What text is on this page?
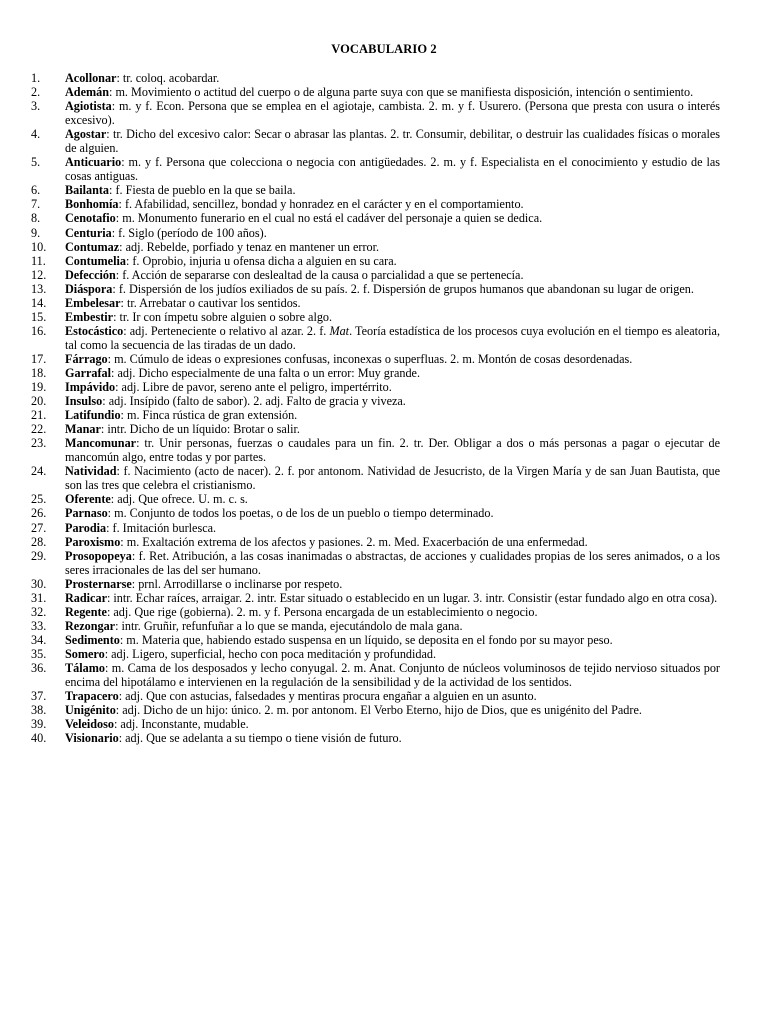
VOCABULARIO 2
1.	Acollonar: tr. coloq. acobardar.
2.	Ademán: m. Movimiento o actitud del cuerpo o de alguna parte suya con que se manifiesta disposición, intención o sentimiento.
3.	Agiotista: m. y f. Econ. Persona que se emplea en el agiotaje, cambista. 2. m. y f. Usurero. (Persona que presta con usura o interés excesivo).
4.	Agostar: tr. Dicho del excesivo calor: Secar o abrasar las plantas. 2. tr. Consumir, debilitar, o destruir las cualidades físicas o morales de alguien.
5.	Anticuario: m. y f. Persona que colecciona o negocia con antigüedades. 2. m. y f. Especialista en el conocimiento y estudio de las cosas antiguas.
6.	Bailanta: f. Fiesta de pueblo en la que se baila.
7.	Bonhomía: f. Afabilidad, sencillez, bondad y honradez en el carácter y en el comportamiento.
8.	Cenotafio: m. Monumento funerario en el cual no está el cadáver del personaje a quien se dedica.
9.	Centuria: f. Siglo (período de 100 años).
10.	Contumaz: adj. Rebelde, porfiado y tenaz en mantener un error.
11.	Contumelia: f. Oprobio, injuria u ofensa dicha a alguien en su cara.
12.	Defección: f. Acción de separarse con deslealtad de la causa o parcialidad a que se pertenecía.
13.	Diáspora: f. Dispersión de los judíos exiliados de su país. 2. f. Dispersión de grupos humanos que abandonan su lugar de origen.
14.	Embelesar: tr. Arrebatar o cautivar los sentidos.
15.	Embestir: tr. Ir con ímpetu sobre alguien o sobre algo.
16.	Estocástico: adj. Perteneciente o relativo al azar. 2. f. Mat. Teoría estadística de los procesos cuya evolución en el tiempo es aleatoria, tal como la secuencia de las tiradas de un dado.
17.	Fárrago: m. Cúmulo de ideas o expresiones confusas, inconexas o superfluas. 2. m. Montón de cosas desordenadas.
18.	Garrafal: adj. Dicho especialmente de una falta o un error: Muy grande.
19.	Impávido: adj. Libre de pavor, sereno ante el peligro, impertérrito.
20.	Insulso: adj. Insípido (falto de sabor). 2. adj. Falto de gracia y viveza.
21.	Latifundio: m. Finca rústica de gran extensión.
22.	Manar: intr. Dicho de un líquido: Brotar o salir.
23.	Mancomunar: tr. Unir personas, fuerzas o caudales para un fin. 2. tr. Der. Obligar a dos o más personas a pagar o ejecutar de mancomún algo, entre todas y por partes.
24.	Natividad: f. Nacimiento (acto de nacer). 2. f. por antonom. Natividad de Jesucristo, de la Virgen María y de san Juan Bautista, que son las tres que celebra el cristianismo.
25.	Oferente: adj. Que ofrece. U. m. c. s.
26.	Parnaso: m. Conjunto de todos los poetas, o de los de un pueblo o tiempo determinado.
27.	Parodia: f. Imitación burlesca.
28.	Paroxismo: m. Exaltación extrema de los afectos y pasiones. 2. m. Med. Exacerbación de una enfermedad.
29.	Prosopopeya: f. Ret. Atribución, a las cosas inanimadas o abstractas, de acciones y cualidades propias de los seres animados, o a los seres irracionales de las del ser humano.
30.	Prosternarse: prnl. Arrodillarse o inclinarse por respeto.
31.	Radicar: intr. Echar raíces, arraigar. 2. intr. Estar situado o establecido en un lugar. 3. intr. Consistir (estar fundado algo en otra cosa).
32.	Regente: adj. Que rige (gobierna). 2. m. y f. Persona encargada de un establecimiento o negocio.
33.	Rezongar: intr. Gruñir, refunfuñar a lo que se manda, ejecutándolo de mala gana.
34.	Sedimento: m. Materia que, habiendo estado suspensa en un líquido, se deposita en el fondo por su mayor peso.
35.	Somero: adj. Ligero, superficial, hecho con poca meditación y profundidad.
36.	Tálamo: m. Cama de los desposados y lecho conyugal. 2. m. Anat. Conjunto de núcleos voluminosos de tejido nervioso situados por encima del hipotálamo e intervienen en la regulación de la sensibilidad y de la actividad de los sentidos.
37.	Trapacero: adj. Que con astucias, falsedades y mentiras procura engañar a alguien en un asunto.
38.	Unigénito: adj. Dicho de un hijo: único. 2. m. por antonom. El Verbo Eterno, hijo de Dios, que es unigénito del Padre.
39.	Veleidoso: adj. Inconstante, mudable.
40.	Visionario: adj. Que se adelanta a su tiempo o tiene visión de futuro.
